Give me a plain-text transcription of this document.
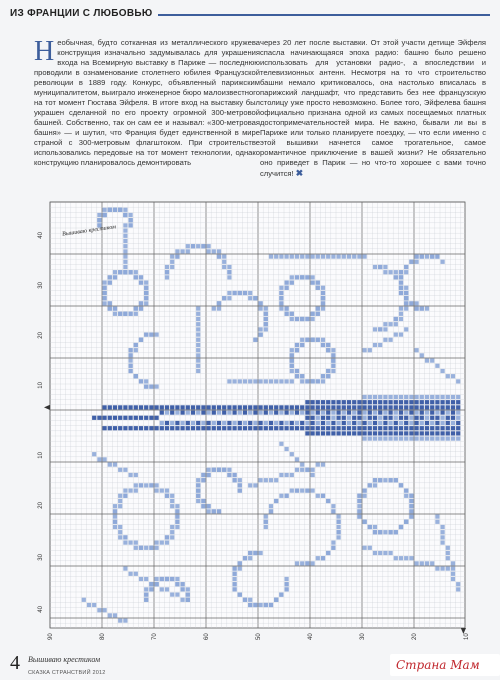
ИЗ ФРАНЦИИ С ЛЮБОВЬЮ
Н еобычная, будто сотканная из металлического кружева конструкция изначально задумывалась для украшения входа на Всемирную выставку в Париже — последнюю проводили в ознаменование столетнего юбилея Французской революции в 1889 году. Конкурс, объявленный парижским муниципалитетом, выиграло инженерное бюро малоизвестного на тот момент Гюстава Эйфеля. В итоге вход на выставку был украшен сделанной по его проекту огромной 300-метровой башней. Собственно, так он сам ее и называл: «300-метровая башня» — и шутил, что Франция будет единственной в мире страной с 300-метровым флагштоком. При строительстве использовались передовые на тот момент технологии, однако конструкцию планировалось демонтировать

через 20 лет после выставки. От этой участи детище Эйфеля спасла начинающаяся эпоха радио: башню было решено использовать для установки радио-, а впоследствии и телевизионных антенн. Несмотря на то что строительство башни немало критиковалось, она настолько вписалась в парижский ландшафт, что представить без нее французскую столицу уже просто невозможно. Более того, Эйфелева башня официально признана одной из самых посещаемых платных достопримечательностей мира. Не важно, бывали ли вы в Париже или только планируете поездку, — что если именно с этой вышивки начнется самое трогательное, самое романтичное приключение в вашей жизни? Не обязательно оно приведет в Париж — но что-то хорошее с вами точно случится! ✖

40
30
20
10
10
20
30
40
90	80	70	60	50	40	30	20	10
Вышиваю крестиком
4 Вышиваю крестиком
СКАЗКА СТРАНСТВИЙ 2012
Страна Мам
